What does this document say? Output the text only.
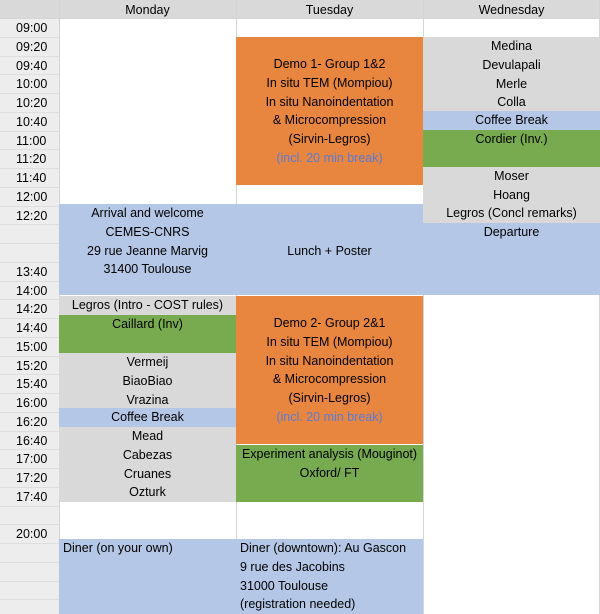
Monday	Tuesday	Wednesday
09:00
09:20
09:40
10:00
10:20
10:40
11:00
11:20
11:40
12:00
12:20
13:40
14:00
14:20
14:40
15:00
15:20
15:40
16:00
16:20
16:40
17:00
17:20
17:40
20:00
Arrival and welcome
CEMES-CNRS
29 rue Jeanne Marvig
31400 Toulouse
Lunch + Poster
Legros (Intro - COST rules)
Caillard (Inv)
Vermeij
BiaoBiao
Vrazina
Coffee Break
Mead
Cabezas
Cruanes
Ozturk
Diner (on your own)
Demo 1- Group 1&2
In situ TEM (Mompiou)
In situ Nanoindentation
& Microcompression
(Sirvin-Legros)
(incl. 20 min break)
Demo 2- Group 2&1
In situ TEM (Mompiou)
In situ Nanoindentation
& Microcompression
(Sirvin-Legros)
(incl. 20 min break)
Experiment analysis (Mouginot)
Oxford/ FT
Diner (downtown): Au Gascon
9 rue des Jacobins
31000 Toulouse
(registration needed)
Medina
Devulapali
Merle
Colla
Coffee Break
Cordier (Inv.)
Moser
Hoang
Legros (Concl remarks)
Departure
